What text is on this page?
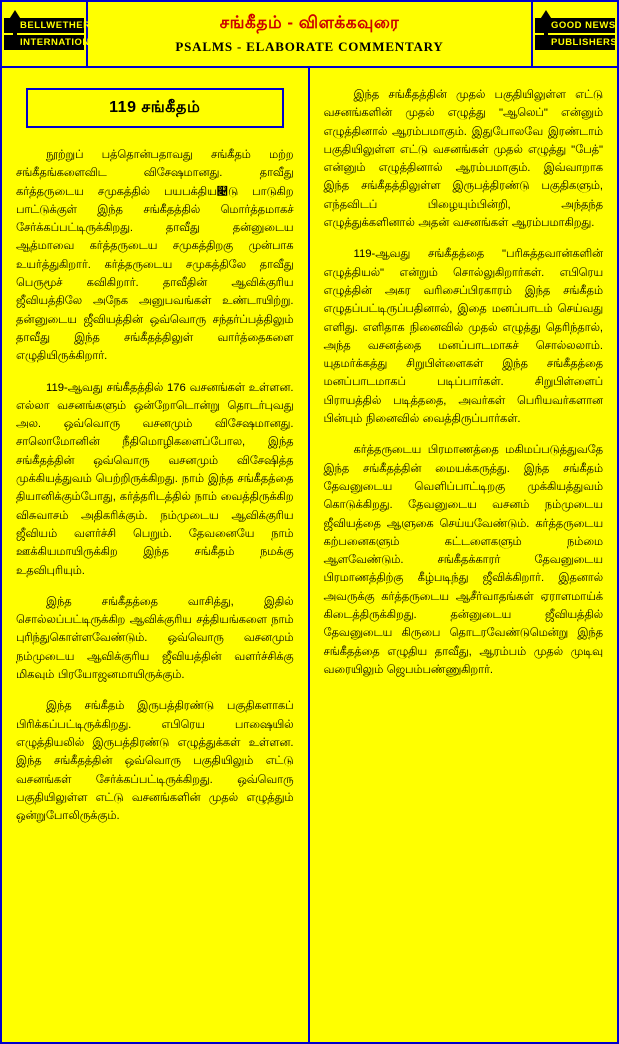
BELLWETHER
INTERNATIONAL
சங்கீதம் - விளக்கவுரை
PSALMS - ELABORATE COMMENTARY
GOOD NEWS
PUBLISHERS
119 சங்கீதம்

நூற்றுப் பத்தொன்பதாவது சங்கீதம் மற்ற சங்கீதங்களைவிட விசேஷமானது. தாவீது கர்த்தருடைய சமுகத்தில் பயபக்திய௄டு பாடுகிற பாட்டுக்குள் இந்த சங்கீதத்தில் மொர்த்தமாகச் சேர்க்கப்பட்டிருக்கிறது. தாவீது தன்னுடைய ஆத்மாவை கர்த்தருடைய சமுகத்திறகு முன்பாக உயர்த்துகிறார். கர்த்தருடைய சமுகத்திலே தாவீது பெருமூச் கவிகிறார். தாவீதின் ஆவிக்குரிய ஜீவியத்திலே அநேக அனுபவங்கள் உண்டாயிற்று. தன்னுடைய ஜீவியத்தின் ஒவ்வொரு சந்தர்ப்பத்திலும் தாவீது இந்த சங்கீதத்திலுள் வார்த்தைகளை எழுதியிருக்கிறார்.

119-ஆவது சங்கீதத்தில் 176 வசனங்கள் உள்ளன. எல்லா வசனங்களும் ஒன்றோடொன்று தொடர்புவது அல. ஒவ்வொரு வசனமும் விசேஷமானது. சாலொமோனின் நீதிமொழிகளைப்போல, இந்த சங்கீதத்தின் ஒவ்வொரு வசனமும் விசேஷித்த முக்கியத்துவம் பெற்றிருக்கிறது. நாம் இந்த சங்கீதத்தை தியானிக்கும்போது, கர்த்தரிடத்தில் நாம் வைத்திருக்கிற விசுவாசம் அதிகரிக்கும். நம்முடைய ஆவிக்குரிய ஜீவியம் வளர்ச்சி பெறும். தேவனையே நாம் ஊக்கியமாயிருக்கிற இந்த சங்கீதம் நமக்கு உதவிபுரியும்.

இந்த சங்கீதத்தை வாசித்து, இதில் சொல்லப்பட்டிருக்கிற ஆவிக்குரிய சத்தியங்களை நாம் புரிந்துகொள்ளவேண்டும். ஒவ்வொரு வசனமும் நம்முடைய ஆவிக்குரிய ஜீவியத்தின் வளர்ச்சிக்கு மிகவும் பிரயோஜனமாயிருக்கும்.

இந்த சங்கீதம் இருபத்திரண்டு பகுதிகளாகப் பிரிக்கப்பட்டிருக்கிறது. எபிரெய பாஷையில் எழுத்தியலில் இருபத்திரண்டு எழுத்துக்கள் உள்ளன. இந்த சங்கீதத்தின் ஒவ்வொரு பகுதியிலும் எட்டு வசனங்கள் சேர்க்கப்பட்டிருக்கிறது. ஒவ்வொரு பகுதியிலுள்ள எட்டு வசனங்களின் முதல் எழுத்தும் ஒன்றுபோலிருக்கும்.

இந்த சங்கீதத்தின் முதல் பகுதியிலுள்ள எட்டு வசனங்களின் முதல் எழுத்து "ஆலெப்" என்னும் எழுத்தினால் ஆரம்பமாகும். இதுபோலவே இரண்டாம் பகுதியிலுள்ள எட்டு வசனங்கள் முதல் எழுத்து "பேத்" என்னும் எழுத்தினால் ஆரம்பமாகும். இவ்வாறாக இந்த சங்கீதத்திலுள்ள இருபத்திரண்டு பகுதிகளும், எந்தவிடப் பிழையும்பின்றி, அந்தந்த எழுத்துக்களினால் அதன் வசனங்கள் ஆரம்பமாகிறது.

119-ஆவது சங்கீதத்தை "பரிசுத்தவான்களின் எழுத்தியல்" என்றும் சொல்லுகிறார்கள். எபிரெய எழுத்தின் அகர வரிசைப்பிரகாரம் இந்த சங்கீதம் எழுதப்பட்டிருப்பதினால், இதை மனப்பாடம் செய்வது எளிது. எளிதாக நினைவில் முதல் எழுத்து தெரிந்தால், அந்த வசனத்தை மனப்பாடமாகச் சொல்லலாம். யுதமர்க்கத்து சிறுபிள்ளைகள் இந்த சங்கீதத்தை மனப்பாடமாகப் படிப்பார்கள். சிறுபிள்ளைப் பிராயத்தில் படித்ததை, அவர்கள் பெரியவர்களான பின்பும் நினைவில் வைத்திருப்பார்கள்.

கர்த்தருடைய பிரமாணத்தை மகிமப்படுத்துவதே இந்த சங்கீதத்தின் மையக்கருத்து. இந்த சங்கீதம் தேவனுடைய வெளிப்பாட்டிறகு முக்கியத்துவம் கொடுக்கிறது. தேவனுடைய வசனம் நம்முடைய ஜீவியத்தை ஆளுகை செய்யவேண்டும். கர்த்தருடைய கற்பனைகளும் கட்டளைகளும் நம்மை ஆளவேண்டும். சங்கீதக்காரர் தேவனுடைய பிரமாணத்திற்கு கீழ்படிந்து ஜீவிக்கிறார். இதனால் அவருக்கு கர்த்தருடைய ஆசீர்வாதங்கள் ஏராளமாய்க் கிடைத்திருக்கிறது. தன்னுடைய ஜீவியத்தில் தேவனுடைய கிருபை தொடரவேண்டுமென்று இந்த சங்கீதத்தை எழுதிய தாவீது, ஆரம்பம் முதல் முடிவு வரையிலும் ஜெபம்பண்ணுகிறார்.
